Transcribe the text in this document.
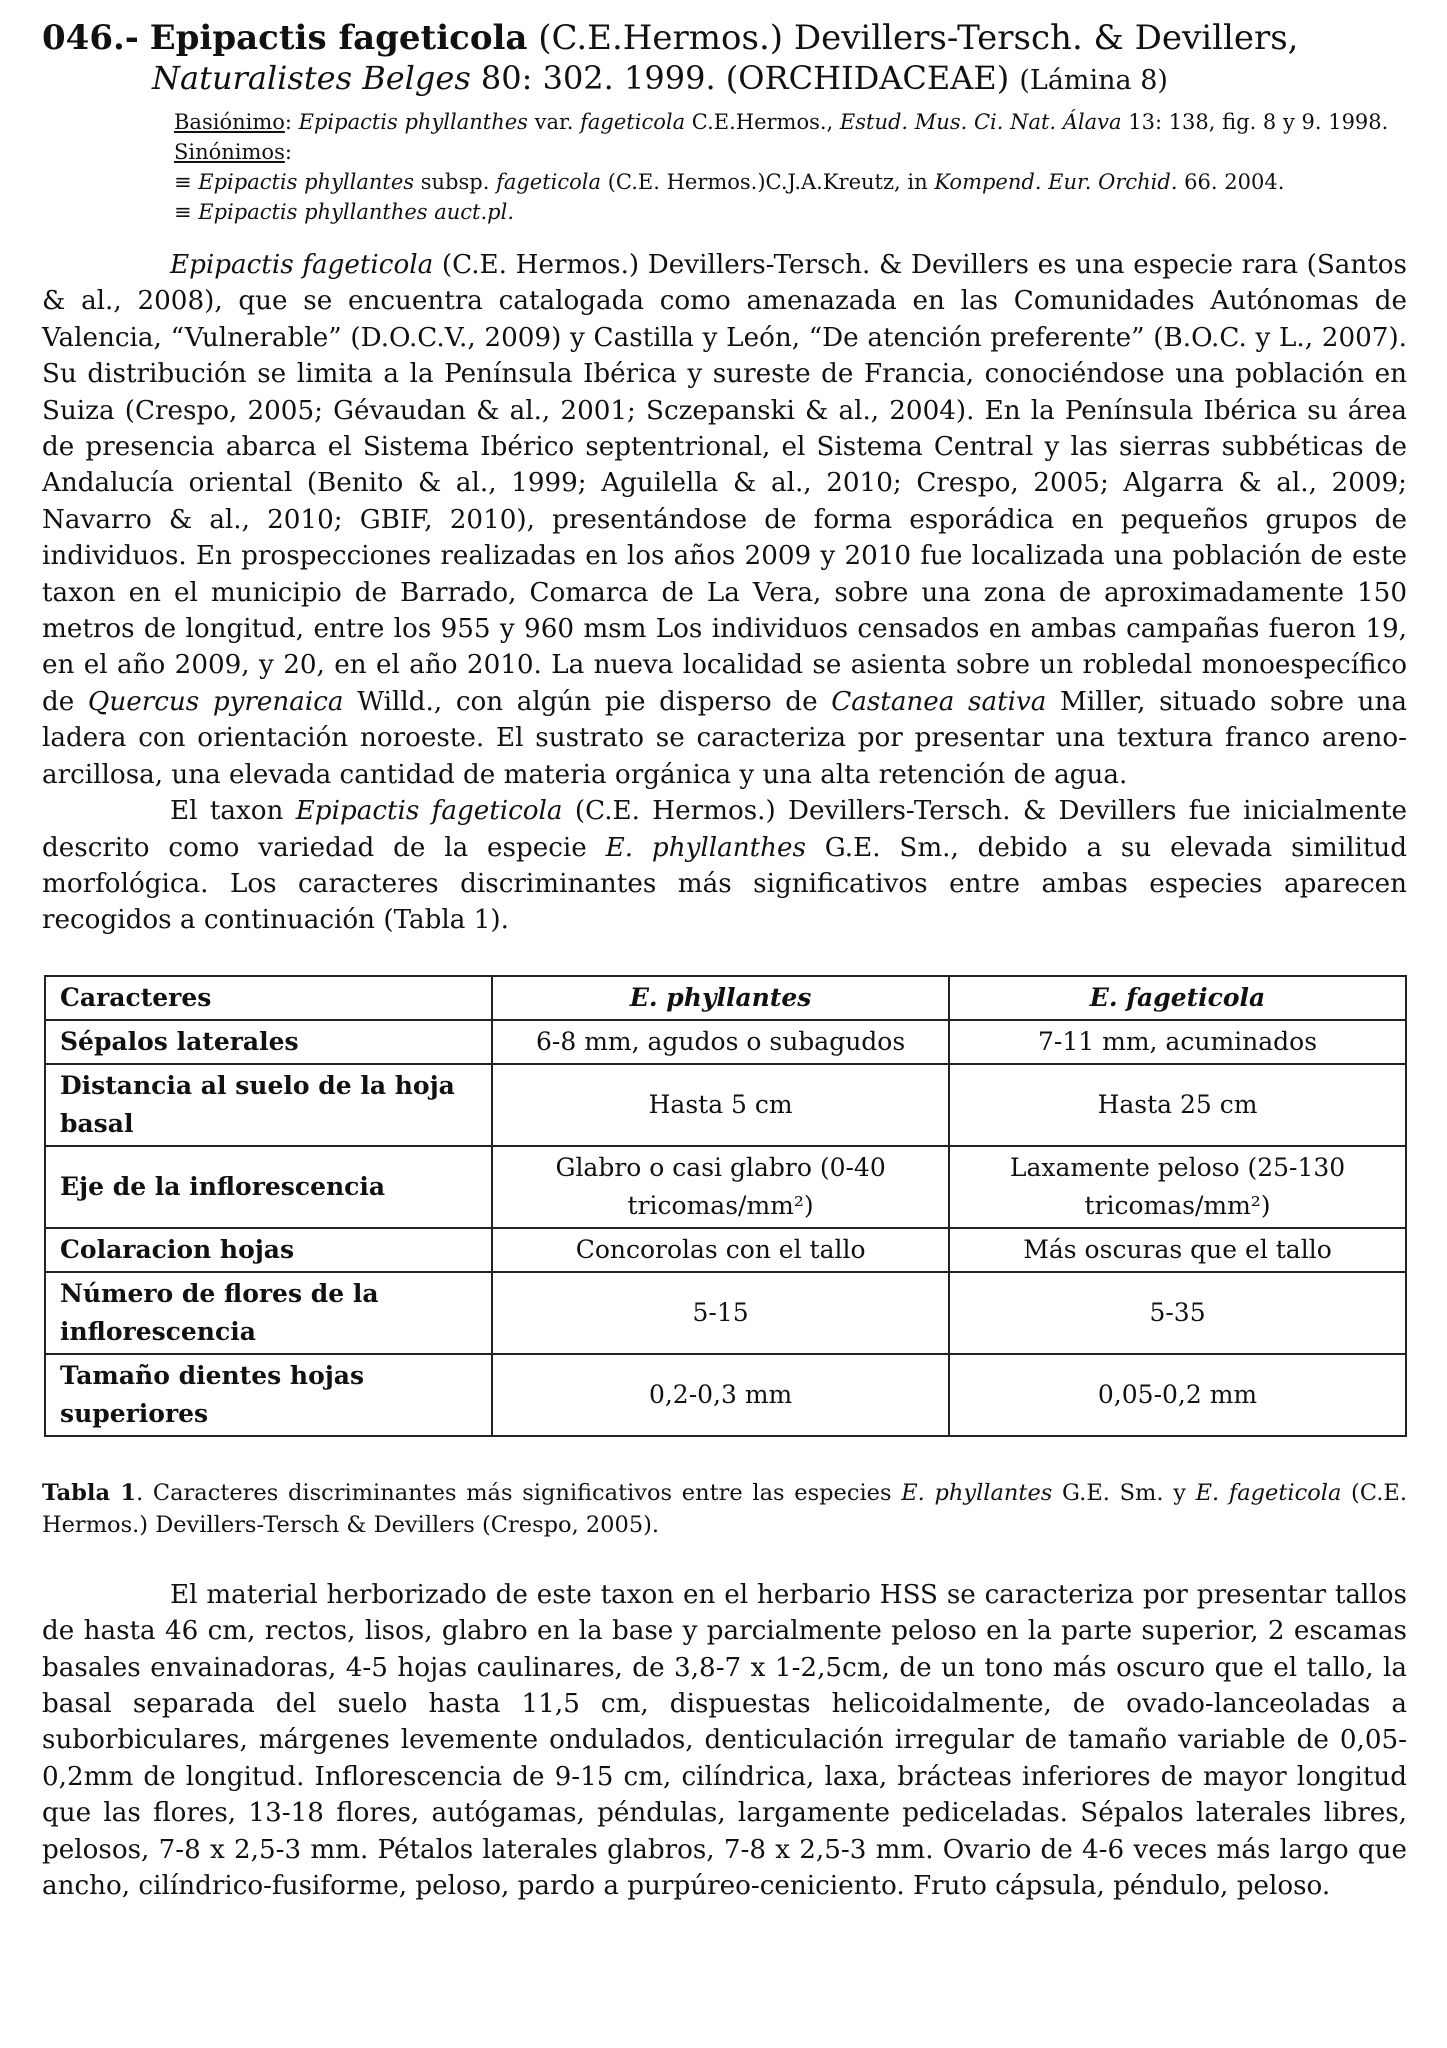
046.- Epipactis fageticola (C.E.Hermos.) Devillers-Tersch. & Devillers,
Naturalistes Belges 80: 302. 1999. (ORCHIDACEAE) (Lámina 8)
Basiónimo: Epipactis phyllanthes var. fageticola C.E.Hermos., Estud. Mus. Ci. Nat. Álava 13: 138, fig. 8 y 9. 1998.
Sinónimos:
≡ Epipactis phyllantes subsp. fageticola (C.E. Hermos.)C.J.A.Kreutz, in Kompend. Eur. Orchid. 66. 2004.
≡ Epipactis phyllanthes auct.pl.

Epipactis fageticola (C.E. Hermos.) Devillers-Tersch. & Devillers es una especie rara (Santos & al., 2008), que se encuentra catalogada como amenazada en las Comunidades Autónomas de Valencia, “Vulnerable” (D.O.C.V., 2009) y Castilla y León, “De atención preferente” (B.O.C. y L., 2007). Su distribución se limita a la Península Ibérica y sureste de Francia, conociéndose una población en Suiza (Crespo, 2005; Gévaudan & al., 2001; Sczepanski & al., 2004). En la Península Ibérica su área de presencia abarca el Sistema Ibérico septentrional, el Sistema Central y las sierras subbéticas de Andalucía oriental (Benito & al., 1999; Aguilella & al., 2010; Crespo, 2005; Algarra & al., 2009; Navarro & al., 2010; GBIF, 2010), presentándose de forma esporádica en pequeños grupos de individuos. En prospecciones realizadas en los años 2009 y 2010 fue localizada una población de este taxon en el municipio de Barrado, Comarca de La Vera, sobre una zona de aproximadamente 150 metros de longitud, entre los 955 y 960 msm Los individuos censados en ambas campañas fueron 19, en el año 2009, y 20, en el año 2010. La nueva localidad se asienta sobre un robledal monoespecífico de Quercus pyrenaica Willd., con algún pie disperso de Castanea sativa Miller, situado sobre una ladera con orientación noroeste. El sustrato se caracteriza por presentar una textura franco areno-arcillosa, una elevada cantidad de materia orgánica y una alta retención de agua.

El taxon Epipactis fageticola (C.E. Hermos.) Devillers-Tersch. & Devillers fue inicialmente descrito como variedad de la especie E. phyllanthes G.E. Sm., debido a su elevada similitud morfológica. Los caracteres discriminantes más significativos entre ambas especies aparecen recogidos a continuación (Tabla 1).

Caracteres	E. phyllantes	E. fageticola
Sépalos laterales	6-8 mm, agudos o subagudos	7-11 mm, acuminados
Distancia al suelo de la hoja basal	Hasta 5 cm	Hasta 25 cm
Eje de la inflorescencia	Glabro o casi glabro (0-40 tricomas/mm²)	Laxamente peloso (25-130 tricomas/mm²)
Colaracion hojas	Concorolas con el tallo	Más oscuras que el tallo
Número de flores de la inflorescencia	5-15	5-35
Tamaño dientes hojas superiores	0,2-0,3 mm	0,05-0,2 mm
Tabla 1. Caracteres discriminantes más significativos entre las especies E. phyllantes G.E. Sm. y E. fageticola (C.E. Hermos.) Devillers-Tersch & Devillers (Crespo, 2005).

El material herborizado de este taxon en el herbario HSS se caracteriza por presentar tallos de hasta 46 cm, rectos, lisos, glabro en la base y parcialmente peloso en la parte superior, 2 escamas basales envainadoras, 4-5 hojas caulinares, de 3,8-7 x 1-2,5cm, de un tono más oscuro que el tallo, la basal separada del suelo hasta 11,5 cm, dispuestas helicoidalmente, de ovado-lanceoladas a suborbiculares, márgenes levemente ondulados, denticulación irregular de tamaño variable de 0,05-0,2mm de longitud. Inflorescencia de 9-15 cm, cilíndrica, laxa, brácteas inferiores de mayor longitud que las flores, 13-18 flores, autógamas, péndulas, largamente pediceladas. Sépalos laterales libres, pelosos, 7-8 x 2,5-3 mm. Pétalos laterales glabros, 7-8 x 2,5-3 mm. Ovario de 4-6 veces más largo que ancho, cilíndrico-fusiforme, peloso, pardo a purpúreo-ceniciento. Fruto cápsula, péndulo, peloso.
